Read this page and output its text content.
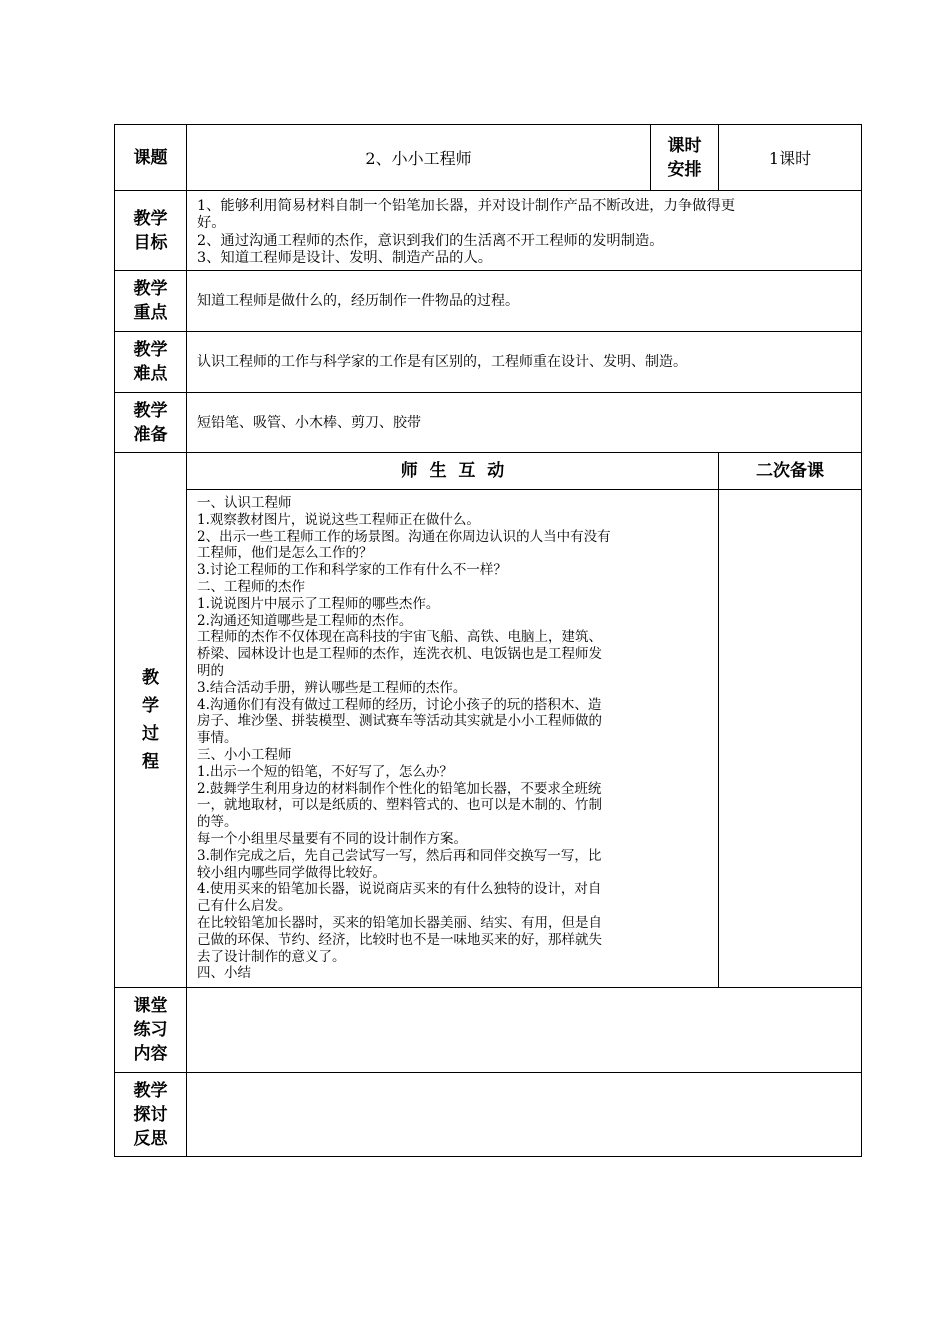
课题	2、小小工程师
课时
安排
1课时
教学
目标
1、能够利用简易材料自制一个铅笔加长器，并对设计制作产品不断改进，力争做得更
好。
2、通过沟通工程师的杰作，意识到我们的生活离不开工程师的发明制造。
3、知道工程师是设计、发明、制造产品的人。
教学
重点
知道工程师是做什么的，经历制作一件物品的过程。
教学
难点
认识工程师的工作与科学家的工作是有区别的，工程师重在设计、发明、制造。
教学
准备
短铅笔、吸管、小木棒、剪刀、胶带
教
学
过
程
师  生  互  动	二次备课
一、认识工程师
1.观察教材图片，说说这些工程师正在做什么。
2、出示一些工程师工作的场景图。沟通在你周边认识的人当中有没有
工程师，他们是怎么工作的？
3.讨论工程师的工作和科学家的工作有什么不一样？
二、工程师的杰作
1.说说图片中展示了工程师的哪些杰作。
2.沟通还知道哪些是工程师的杰作。
工程师的杰作不仅体现在高科技的宇宙飞船、高铁、电脑上，建筑、
桥梁、园林设计也是工程师的杰作，连洗衣机、电饭锅也是工程师发
明的
3.结合活动手册，辨认哪些是工程师的杰作。
4.沟通你们有没有做过工程师的经历，讨论小孩子的玩的搭积木、造
房子、堆沙堡、拼装模型、测试赛车等活动其实就是小小工程师做的
事情。
三、小小工程师
1.出示一个短的铅笔，不好写了，怎么办？
2.鼓舞学生利用身边的材料制作个性化的铅笔加长器，不要求全班统
一，就地取材，可以是纸质的、塑料管式的、也可以是木制的、竹制
的等。
每一个小组里尽量要有不同的设计制作方案。
3.制作完成之后，先自己尝试写一写，然后再和同伴交换写一写，比
较小组内哪些同学做得比较好。
4.使用买来的铅笔加长器，说说商店买来的有什么独特的设计，对自
己有什么启发。
在比较铅笔加长器时，买来的铅笔加长器美丽、结实、有用，但是自
己做的环保、节约、经济，比较时也不是一味地买来的好，那样就失
去了设计制作的意义了。
四、小结
课堂
练习
内容
教学
探讨
反思
